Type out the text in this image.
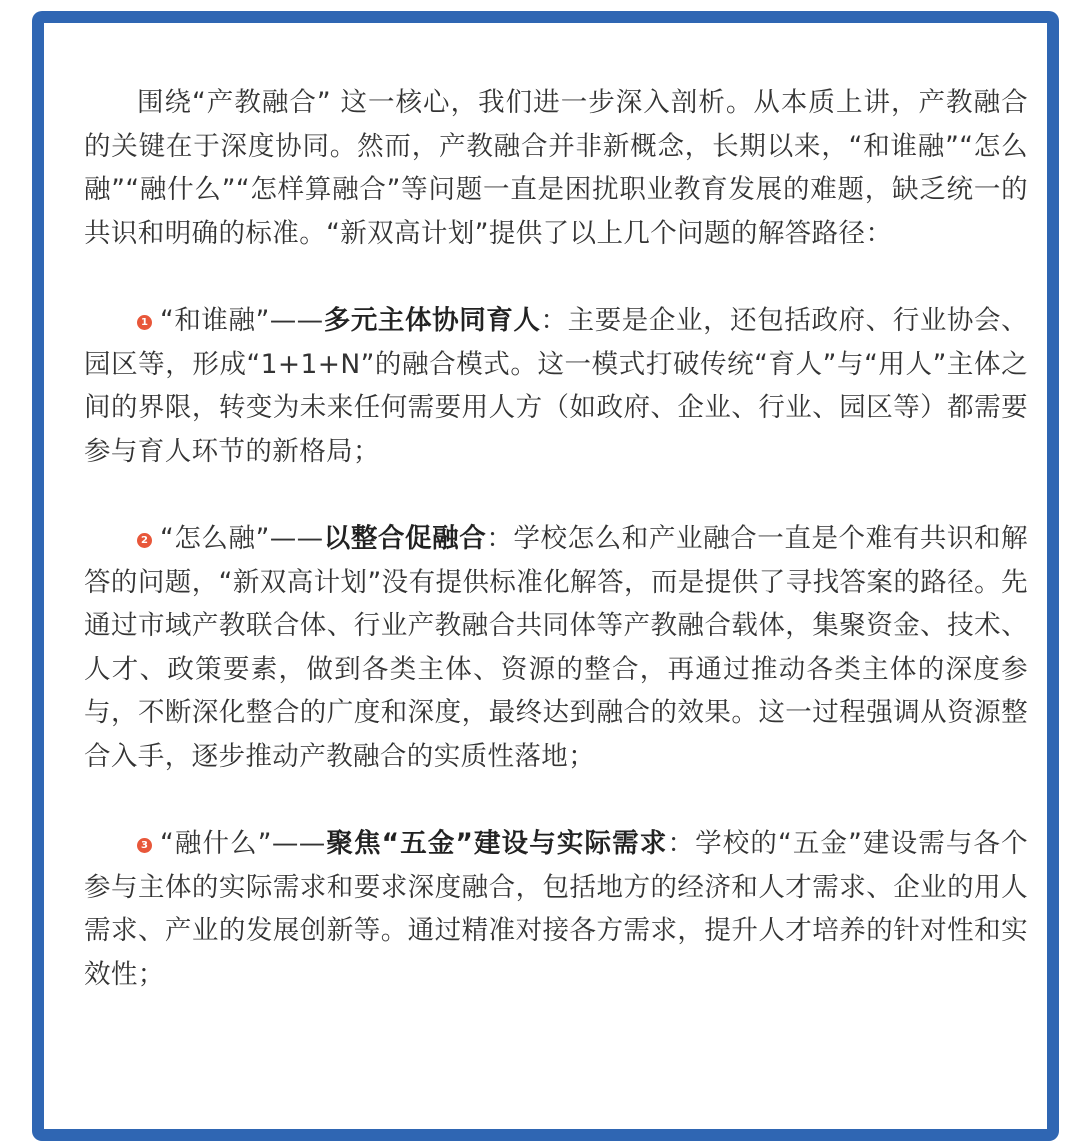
围绕“产教融合” 这一核心，我们进一步深入剖析。从本质上讲，产教融合的关键在于深度协同。然而，产教融合并非新概念，长期以来，“和谁融”“怎么融”“融什么”“怎样算融合”等问题一直是困扰职业教育发展的难题，缺乏统一的共识和明确的标准。“新双高计划”提供了以上几个问题的解答路径：

1 “和谁融”——多元主体协同育人：主要是企业，还包括政府、行业协会、园区等，形成“1+1+N”的融合模式。这一模式打破传统“育人”与“用人”主体之间的界限，转变为未来任何需要用人方（如政府、企业、行业、园区等）都需要参与育人环节的新格局；

2 “怎么融”——以整合促融合：学校怎么和产业融合一直是个难有共识和解答的问题，“新双高计划”没有提供标准化解答，而是提供了寻找答案的路径。先通过市域产教联合体、行业产教融合共同体等产教融合载体，集聚资金、技术、人才、政策要素，做到各类主体、资源的整合，再通过推动各类主体的深度参与，不断深化整合的广度和深度，最终达到融合的效果。这一过程强调从资源整合入手，逐步推动产教融合的实质性落地；

3 “融什么”——聚焦“五金”建设与实际需求：学校的“五金”建设需与各个参与主体的实际需求和要求深度融合，包括地方的经济和人才需求、企业的用人需求、产业的发展创新等。通过精准对接各方需求，提升人才培养的针对性和实效性；
